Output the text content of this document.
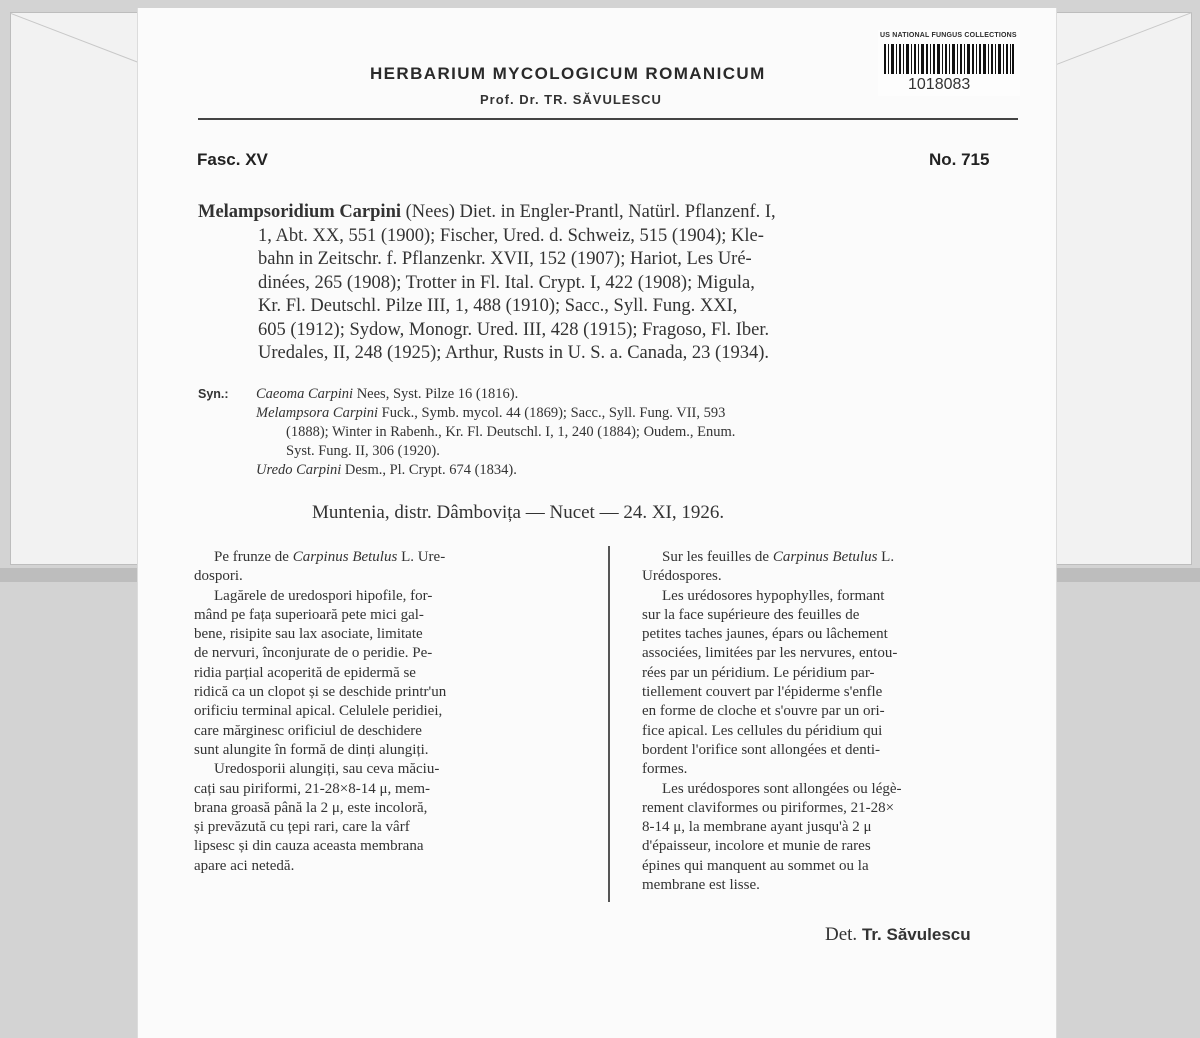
HERBARIUM MYCOLOGICUM ROMANICUM
Prof. Dr. TR. SĂVULESCU
US NATIONAL FUNGUS COLLECTIONS
1018083
Fasc. XV	No. 715
Melampsoridium Carpini (Nees) Diet. in Engler-Prantl, Natürl. Pflanzenf. I,
1, Abt. XX, 551 (1900); Fischer, Ured. d. Schweiz, 515 (1904); Kle-
bahn in Zeitschr. f. Pflanzenkr. XVII, 152 (1907); Hariot, Les Uré-
dinées, 265 (1908); Trotter in Fl. Ital. Crypt. I, 422 (1908); Migula,
Kr. Fl. Deutschl. Pilze III, 1, 488 (1910); Sacc., Syll. Fung. XXI,
605 (1912); Sydow, Monogr. Ured. III, 428 (1915); Fragoso, Fl. Iber.
Uredales, II, 248 (1925); Arthur, Rusts in U. S. a. Canada, 23 (1934).
Syn.: Caeoma Carpini Nees, Syst. Pilze 16 (1816).
Melampsora Carpini Fuck., Symb. mycol. 44 (1869); Sacc., Syll. Fung. VII, 593
(1888); Winter in Rabenh., Kr. Fl. Deutschl. I, 1, 240 (1884); Oudem., Enum.
Syst. Fung. II, 306 (1920).
Uredo Carpini Desm., Pl. Crypt. 674 (1834).
Muntenia, distr. Dâmbovița — Nucet — 24. XI, 1926.
Pe frunze de Carpinus Betulus L. Ure-
dospori.
Lagărele de uredospori hipofile, for-
mând pe fața superioară pete mici gal-
bene, risipite sau lax asociate, limitate
de nervuri, înconjurate de o peridie. Pe-
ridia parțial acoperită de epidermă se
ridică ca un clopot și se deschide printr'un
orificiu terminal apical. Celulele peridiei,
care mărginesc orificiul de deschidere
sunt alungite în formă de dinți alungiți.
Uredosporii alungiți, sau ceva măciu-
cați sau piriformi, 21-28×8-14 μ, mem-
brana groasă până la 2 μ, este incoloră,
și prevăzută cu țepi rari, care la vârf
lipsesc și din cauza aceasta membrana
apare aci netedă.
Sur les feuilles de Carpinus Betulus L.
Urédospores.
Les urédosores hypophylles, formant
sur la face supérieure des feuilles de
petites taches jaunes, épars ou lâchement
associées, limitées par les nervures, entou-
rées par un péridium. Le péridium par-
tiellement couvert par l'épiderme s'enfle
en forme de cloche et s'ouvre par un ori-
fice apical. Les cellules du péridium qui
bordent l'orifice sont allongées et denti-
formes.
Les urédospores sont allongées ou légè-
rement claviformes ou piriformes, 21-28×
8-14 μ, la membrane ayant jusqu'à 2 μ
d'épaisseur, incolore et munie de rares
épines qui manquent au sommet ou la
membrane est lisse.
Det. Tr. Săvulescu
